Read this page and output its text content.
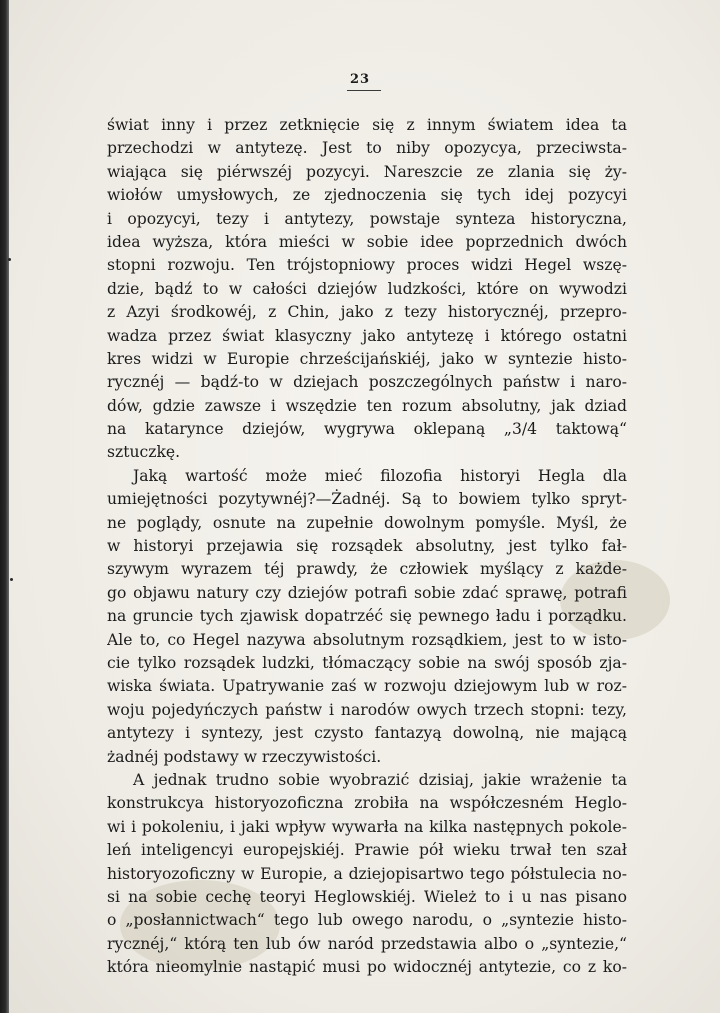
23
świat inny i przez zetknięcie się z innym światem idea ta
przechodzi w antytezę. Jest to niby opozycya, przeciwsta-
wiająca się piérwszéj pozycyi. Nareszcie ze zlania się ży-
wiołów umysłowych, ze zjednoczenia się tych idej pozycyi
i opozycyi, tezy i antytezy, powstaje synteza historyczna,
idea wyższa, która mieści w sobie idee poprzednich dwóch
stopni rozwoju. Ten trójstopniowy proces widzi Hegel wszę-
dzie, bądź to w całości dziejów ludzkości, które on wywodzi
z Azyi środkowéj, z Chin, jako z tezy historycznéj, przepro-
wadza przez świat klasyczny jako antytezę i którego ostatni
kres widzi w Europie chrześcijańskiéj, jako w syntezie histo-
rycznéj — bądź-to w dziejach poszczególnych państw i naro-
dów, gdzie zawsze i wszędzie ten rozum absolutny, jak dziad
na katarynce dziejów, wygrywa oklepaną „3/4 taktową“
sztuczkę.
Jaką wartość może mieć filozofia historyi Hegla dla
umiejętności pozytywnéj?—Żadnéj. Są to bowiem tylko spryt-
ne poglądy, osnute na zupełnie dowolnym pomyśle. Myśl, że
w historyi przejawia się rozsądek absolutny, jest tylko fał-
szywym wyrazem téj prawdy, że człowiek myślący z każde-
go objawu natury czy dziejów potrafi sobie zdać sprawę, potrafi
na gruncie tych zjawisk dopatrzéć się pewnego ładu i porządku.
Ale to, co Hegel nazywa absolutnym rozsądkiem, jest to w isto-
cie tylko rozsądek ludzki, tłómaczący sobie na swój sposób zja-
wiska świata. Upatrywanie zaś w rozwoju dziejowym lub w roz-
woju pojedyńczych państw i narodów owych trzech stopni: tezy,
antytezy i syntezy, jest czysto fantazyą dowolną, nie mającą
żadnéj podstawy w rzeczywistości.
A jednak trudno sobie wyobrazić dzisiaj, jakie wrażenie ta
konstrukcya historyozoficzna zrobiła na współczesném Heglo-
wi i pokoleniu, i jaki wpływ wywarła na kilka następnych pokole-
leń inteligencyi europejskiéj. Prawie pół wieku trwał ten szał
historyozoficzny w Europie, a dziejopisartwo tego półstulecia no-
si na sobie cechę teoryi Heglowskiéj. Wieleż to i u nas pisano
o „posłannictwach“ tego lub owego narodu, o „syntezie histo-
rycznéj,“ którą ten lub ów naród przedstawia albo o „syntezie,“
która nieomylnie nastąpić musi po widocznéj antytezie, co z ko-
